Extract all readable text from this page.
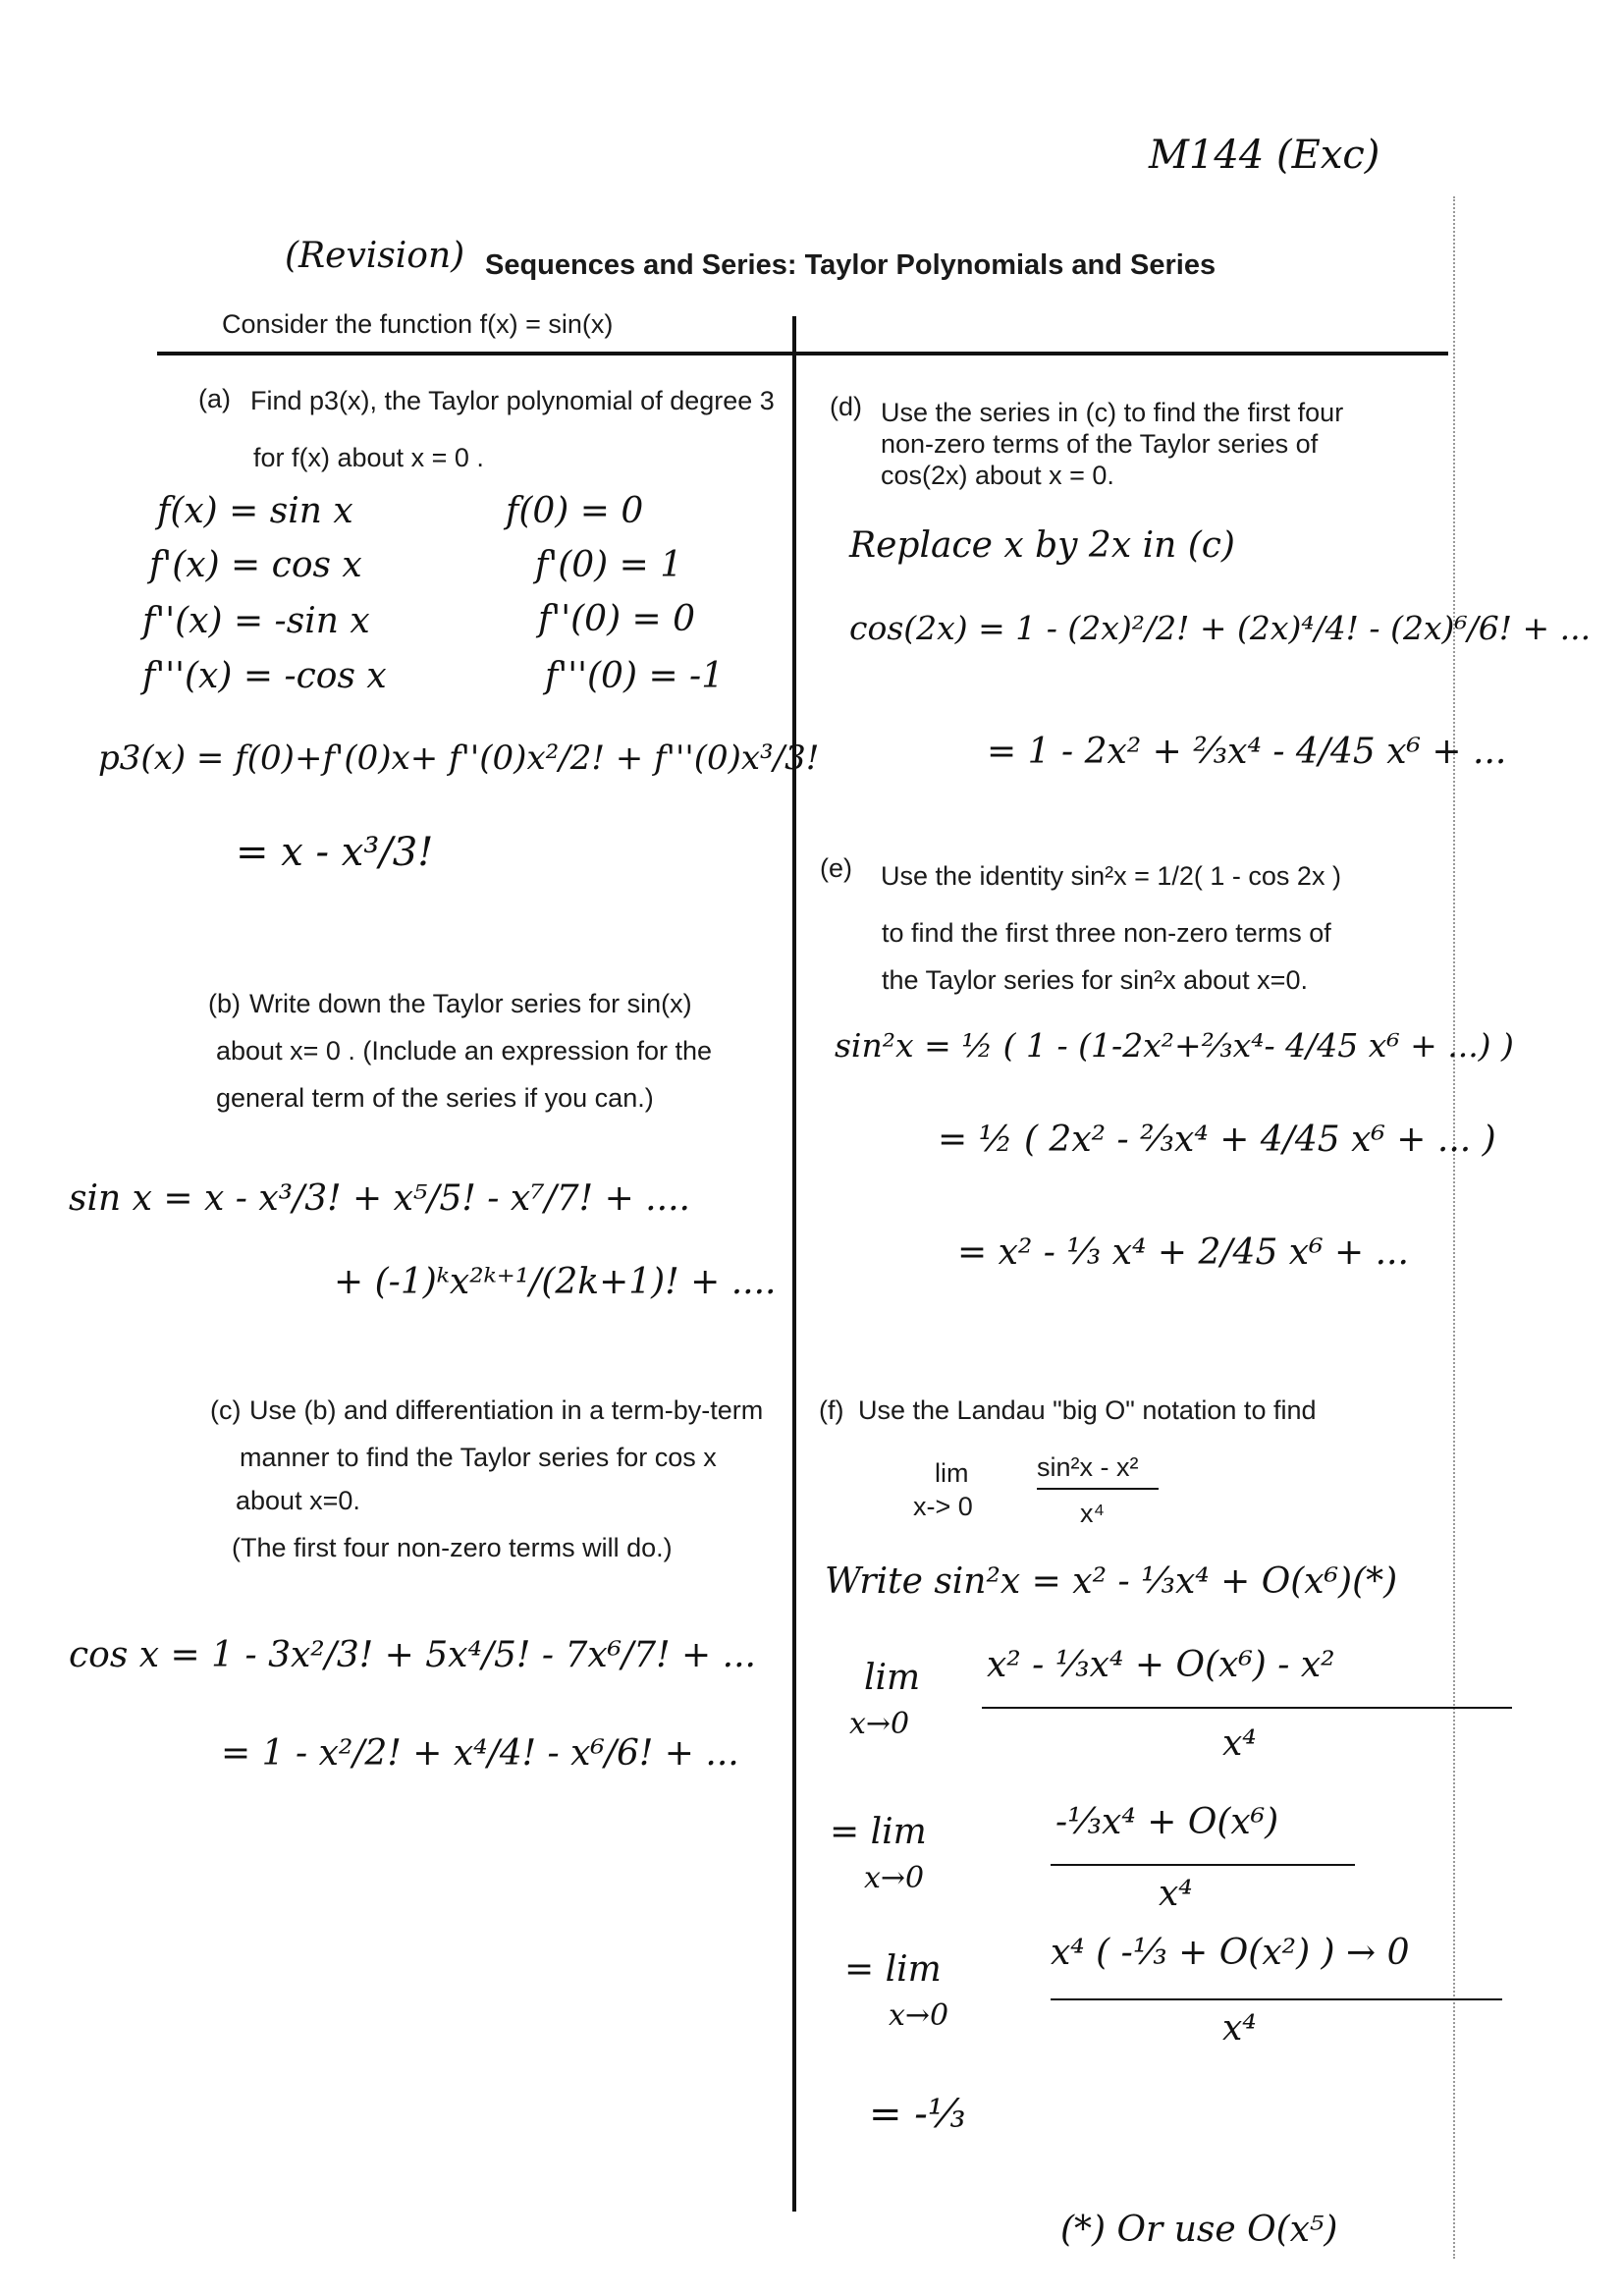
M144 (Exc)
(Revision) Sequences and Series: Taylor Polynomials and Series
Consider the function f(x) = sin(x)
(a) Find p3(x), the Taylor polynomial of degree 3
for f(x) about x = 0 .
f(x) = sin x	f(0) = 0
f'(x) = cos x	f'(0) = 1
f''(x) = -sin x	f''(0) = 0
f'''(x) = -cos x	f'''(0) = -1
p3(x) = f(0)+f'(0)x+ f''(0)x²/2! + f'''(0)x³/3!
= x - x³/3!
(b) Write down the Taylor series for sin(x)
about x= 0 . (Include an expression for the
general term of the series if you can.)
sin x = x - x³/3! + x⁵/5! - x⁷/7! + ....
+ (-1)ᵏx²ᵏ⁺¹/(2k+1)! + ....
(c) Use (b) and differentiation in a term-by-term
manner to find the Taylor series for cos x
about x=0.
(The first four non-zero terms will do.)
cos x = 1 - 3x²/3! + 5x⁴/5! - 7x⁶/7! + ...
= 1 - x²/2! + x⁴/4! - x⁶/6! + ...
(d) Use the series in (c) to find the first four
non-zero terms of the Taylor series of
cos(2x) about x = 0.
Replace x by 2x in (c)
cos(2x) = 1 - (2x)²/2! + (2x)⁴/4! - (2x)⁶/6! + ...
= 1 - 2x² + ⅔x⁴ - 4/45 x⁶ + ...
(e) Use the identity sin²x = 1/2( 1 - cos 2x )
to find the first three non-zero terms of
the Taylor series for sin²x about x=0.
sin²x = ½ ( 1 - (1-2x²+⅔x⁴- 4/45 x⁶ + ...) )
= ½ ( 2x² - ⅔x⁴ + 4/45 x⁶ + ... )
= x² - ⅓ x⁴ + 2/45 x⁶ + ...
(f) Use the Landau "big O" notation to find
lim
x-> 0
sin²x - x²
x⁴
Write sin²x = x² - ⅓x⁴ + O(x⁶)(*)
lim
x→0
x² - ⅓x⁴ + O(x⁶) - x²
x⁴
= lim
x→0
-⅓x⁴ + O(x⁶)
x⁴
= lim
x→0
x⁴ ( -⅓ + O(x²) ) → 0
x⁴
= -⅓
(*) Or use O(x⁵)
